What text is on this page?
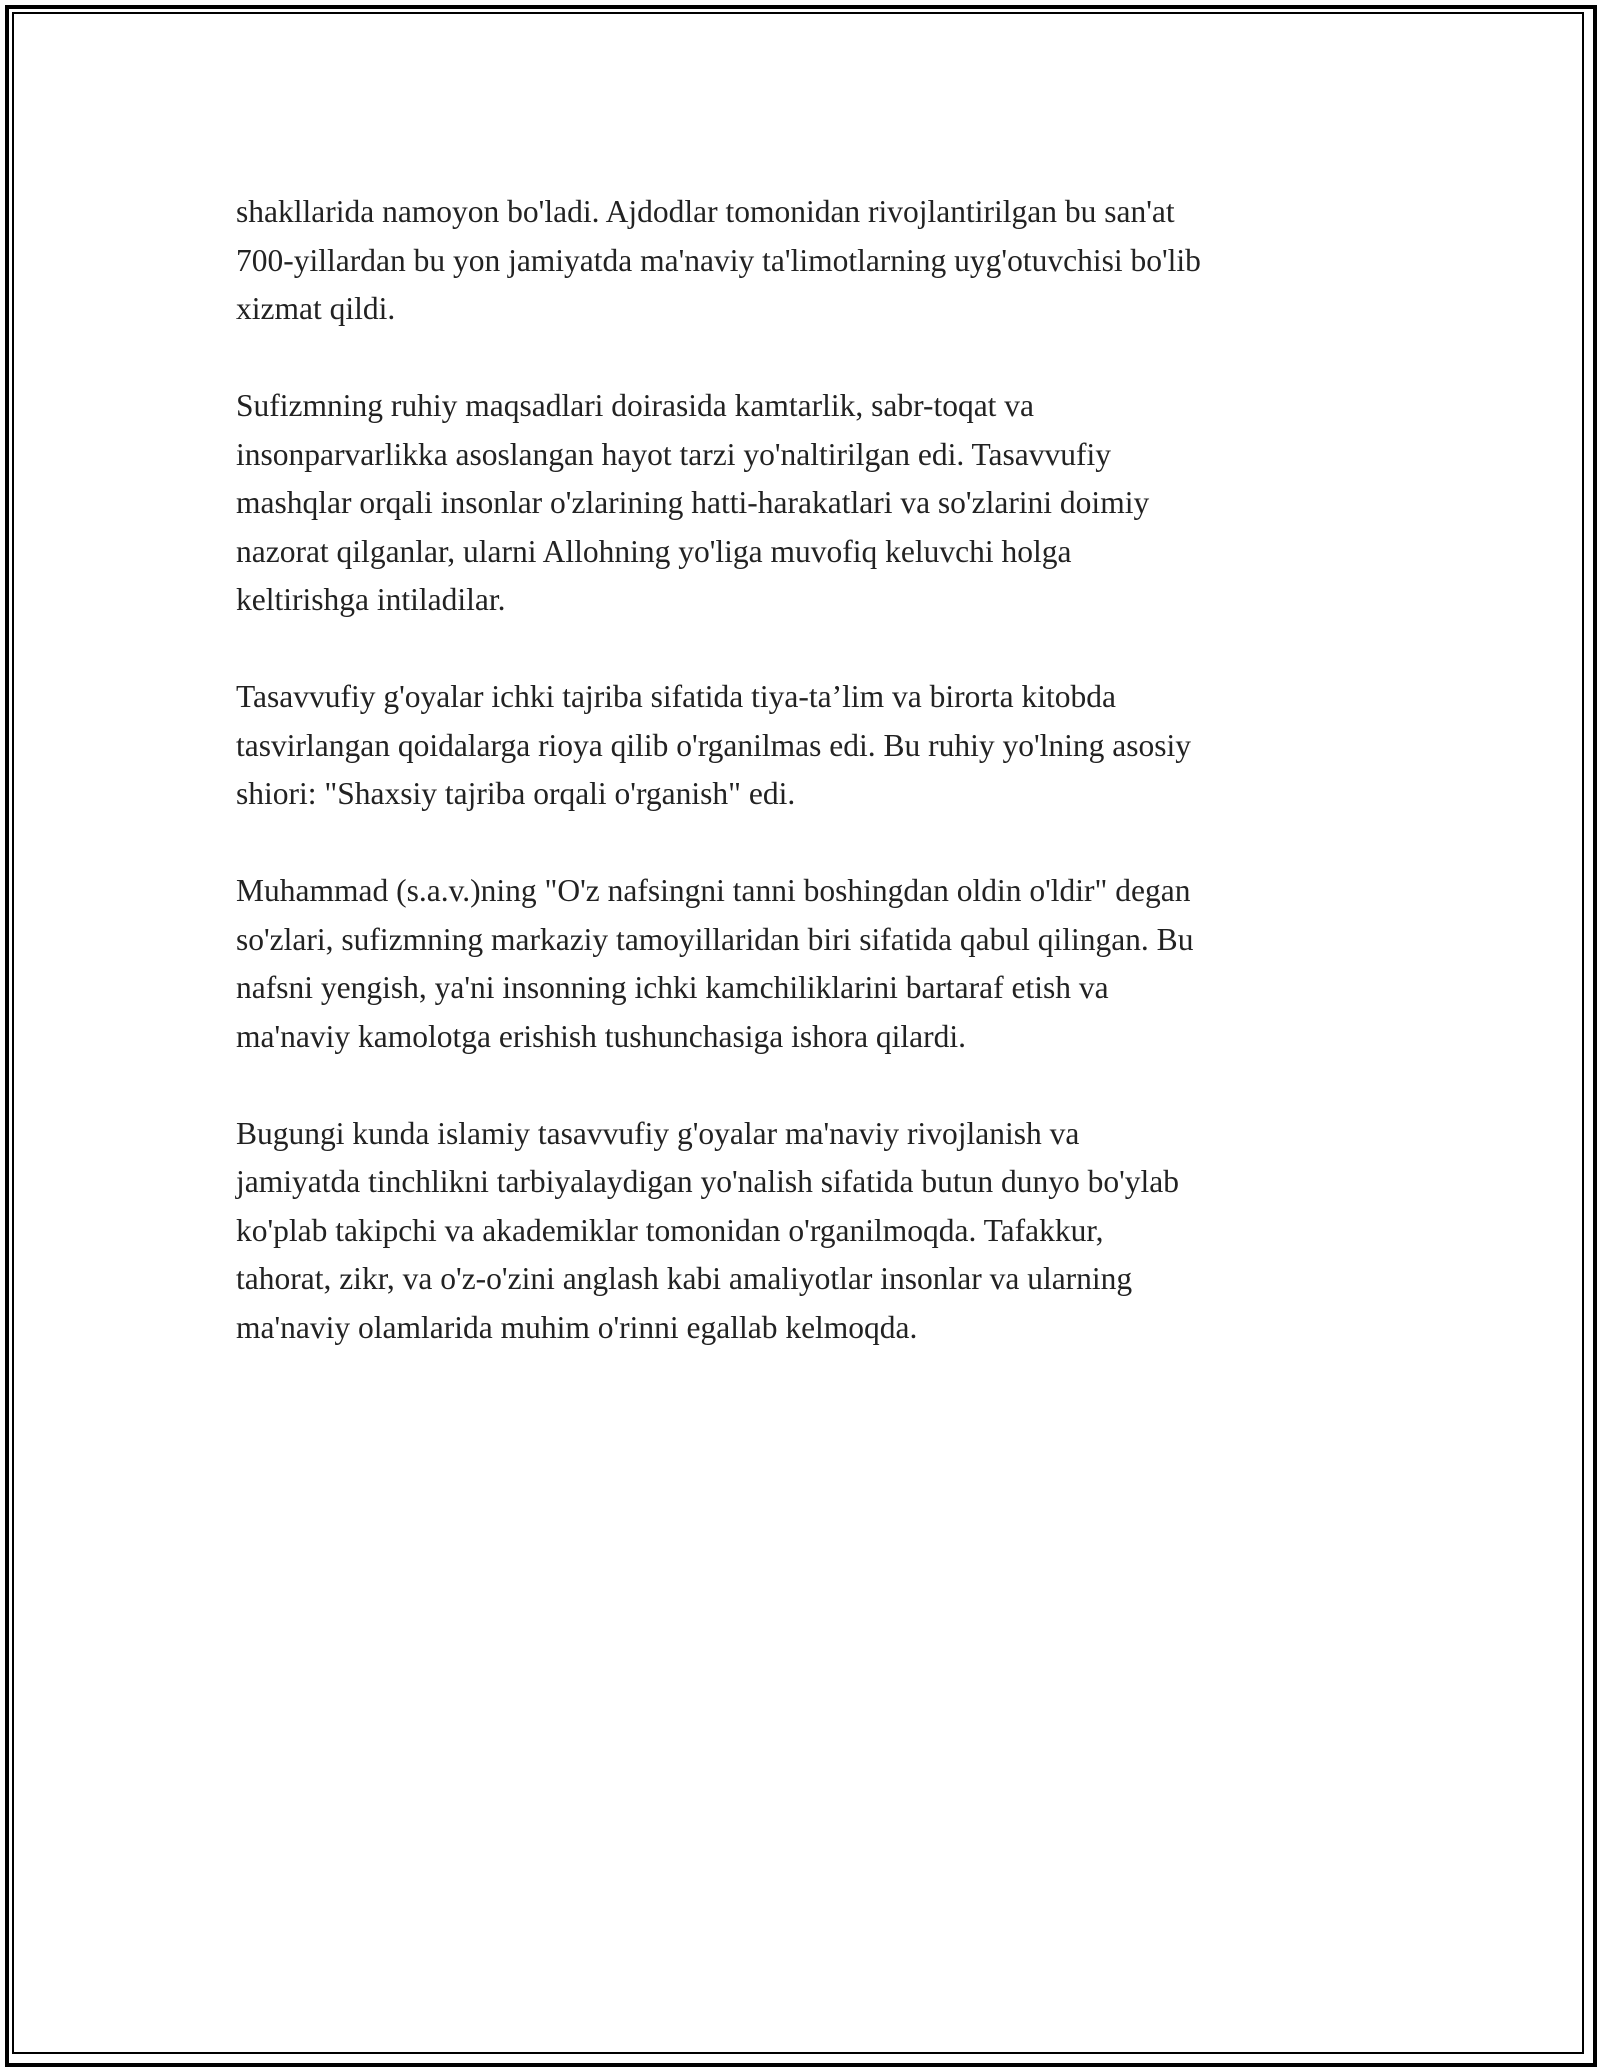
shakllarida namoyon bo'ladi. Ajdodlar tomonidan rivojlantirilgan bu san'at
700-yillardan bu yon jamiyatda ma'naviy ta'limotlarning uyg'otuvchisi bo'lib
xizmat qildi.

Sufizmning ruhiy maqsadlari doirasida kamtarlik, sabr-toqat va
insonparvarlikka asoslangan hayot tarzi yo'naltirilgan edi. Tasavvufiy
mashqlar orqali insonlar o'zlarining hatti-harakatlari va so'zlarini doimiy
nazorat qilganlar, ularni Allohning yo'liga muvofiq keluvchi holga
keltirishga intiladilar.

Tasavvufiy g'oyalar ichki tajriba sifatida tiya-ta’lim va birorta kitobda
tasvirlangan qoidalarga rioya qilib o'rganilmas edi. Bu ruhiy yo'lning asosiy
shiori: "Shaxsiy tajriba orqali o'rganish" edi.

Muhammad (s.a.v.)ning "O'z nafsingni tanni boshingdan oldin o'ldir" degan
so'zlari, sufizmning markaziy tamoyillaridan biri sifatida qabul qilingan. Bu
nafsni yengish, ya'ni insonning ichki kamchiliklarini bartaraf etish va
ma'naviy kamolotga erishish tushunchasiga ishora qilardi.

Bugungi kunda islamiy tasavvufiy g'oyalar ma'naviy rivojlanish va
jamiyatda tinchlikni tarbiyalaydigan yo'nalish sifatida butun dunyo bo'ylab
ko'plab takipchi va akademiklar tomonidan o'rganilmoqda. Tafakkur,
tahorat, zikr, va o'z-o'zini anglash kabi amaliyotlar insonlar va ularning
ma'naviy olamlarida muhim o'rinni egallab kelmoqda.
